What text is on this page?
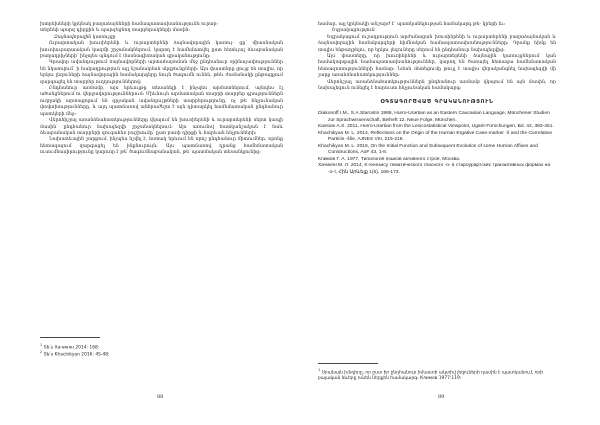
խտրեխների կրկնակ բաղաձայնների համապատասխանությունն ուրար-

տերենի պարզ դիրքին և պարզեցնող տարբերակների մասին։

Ձայնավորային կառույցը

Ուրարտական խուռիերենի և ուրարտերենի ձայնավորային կառույ- ցը՝ միասնական խուռիուրարտական կազմի շրջանակներում, կարող է համեմատվել ըստ հետևյալ ձևաբանական բաղադրիչների՝ ինչպես պնդում է մասնագիտական գրականությունը։

Գրավոր ավանդույթում ձայնավորների արտահայտման մեջ ընդհանուր օրինաչափություններ են նկատվում՝ ի հակադրություն այլ նշանակման սկզբունքների։ Այս փաստերը ցույց են տալիս, որ երկու լեզուների ձայնավորային համակարգերը նույն ծագումն ունեն, թեև ժամանակի ընթացքում զարգացել են տարբեր ուղղություններով։

Ընդհանուր առմամբ, այս երևույթը տեսանելի է ինչպես արմատներում, այնպես էլ ածանցներում ու վերջավորություններում։ Միևնույն արմատական տարրի տարբեր գրություններն ուղղակի արտացոլում են գրչական ավանդույթների տարբերությունը, ոչ թե հնչյունական փոփոխությունները, և այդ պատճառով անհրաժեշտ է այն դիտարկել համեմատական ընդհանուր պատկերի մեջ։

Վերոհիշյալ առանձնահատկությունները վկայում են խուռիերենի և ուրարտերենի սերտ կապի մասին՝ ընդհանուր նախալեզվի շրջանակներում։ Այս առումով հատկանշական է նաև ձևաբանական տարրերի զուգահեռ բաշխումը՝ ըստ բառի դիրքի և հարևան հնչյունների։

Նախաձևային շարքում, ինչպես նշվել է, հստակ երևում են որոշ ընդհանուր միտումներ, որոնք հետագայում զարգացել են ինքնուրույն։ Այս պատճառով դրանց համեմատական ուսումնասիրությունը կարևոր է թե՛ ծագումնաբանական, թե՛ պատմական տեսանկյունից։

$^1$ Տե՛ս Хачикян 2014: 168:

$^2$ Տե՛ս Khachikyan 2016: 45-48:

88

համար, այլ կրկնակի անշարժ է՝ պատկանելության համակարգ թե- կրերի եւ։

Եզրակացություն

Եզրակացում ուշադրություն արժանացան խուռիերենի և ուրարտերենի բաղաձայնական և ձայնավորային համակարգերի հիմնական համապատասխանությունները։ Դրանք հիմք են տալիս ենթադրելու, որ երկու լեզուները սերում են ընդհանուր նախալեզվից։

Այս փաստերը, որ խուռիերենի և ուրարտերենի ձայնային կառույցներում կան համակարգային համապատասխանություններ, կարող են ծառայել հետագա համեմատական հետազոտությունների համար։ Նման մոտեցումը թույլ է տալիս վերականգնել նախալեզվի մի շարք առանձնահատկություններ։

Վերոնշյալ առանձնահատկություններն ընդհանուր առմամբ վկայում են այն մասին, որ նախալեզուն ունեցել է հարուստ հնչյունական համակարգ։

ՕԳՏԱԳՈՐԾՎԱԾ ԳՐԱԿԱՆՈՒԹՅՈՒՆ

Diakonoff I.M., S.A.Starostin 1986, Hurro-Urartian as an Eastern Caucasian Language, Münchener Studien zur Sprachwissenschaft, Beiheft 12. Neue Folge, München.

Kassian A.S. 2011, Hurro-Urartian from the Lexicostatistical Viewpoint, Ugarit-Forschungen, Bd. 42, 383-451.

Khachikyan M. L. 2014, Reflections on the Origin of the Hurrian Ergative Case-marker -š and the Correlative Particle -šše, AJNES VIII, 215-218.

Khachikyan M. L. 2016, On the Initial Function and Subsequent Evolution of some Hurrian Affixes and Constructions, AoF 43, 1-8.

Климов Г. А. 1977, Типология языков активного строя, Москва.

Хачикян М. Л. 2014, К генезису тематического гласного -о- в староурартских транзитивных формах на -о-т, Հին Արևելք 1(6), 166-173.

$^1$ Սրանայն խնդիրը, որ ըստ իր ընդհանուր իմաստի ակտիվ լեզուների դասին է պատկանում, որի բայական ձևերը ունեն ներքին համակարգ։ Климов 1977:119:

89
